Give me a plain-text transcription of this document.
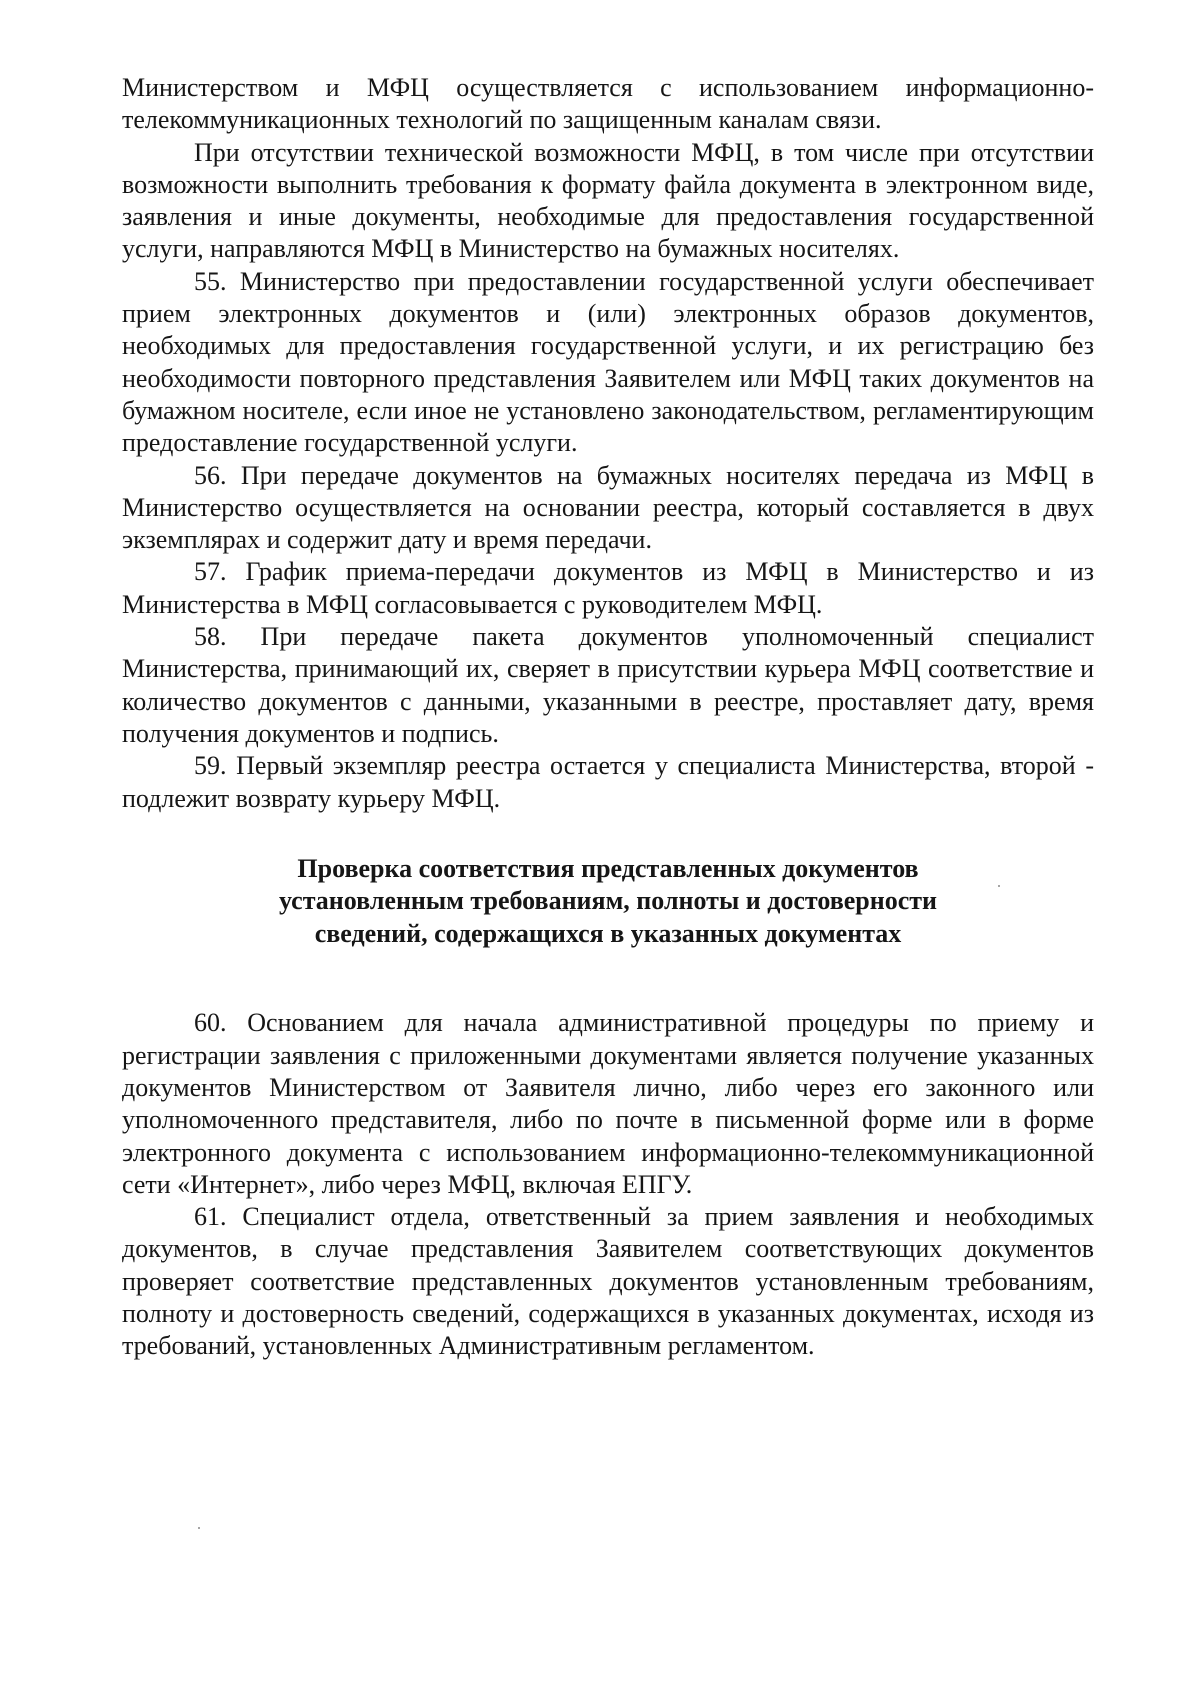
Министерством и МФЦ осуществляется с использованием информационно-телекоммуникационных технологий по защищенным каналам связи.

При отсутствии технической возможности МФЦ, в том числе при отсутствии возможности выполнить требования к формату файла документа в электронном виде, заявления и иные документы, необходимые для предоставления государственной услуги, направляются МФЦ в Министерство на бумажных носителях.

55. Министерство при предоставлении государственной услуги обеспечивает прием электронных документов и (или) электронных образов документов, необходимых для предоставления государственной услуги, и их регистрацию без необходимости повторного представления Заявителем или МФЦ таких документов на бумажном носителе, если иное не установлено законодательством, регламентирующим предоставление государственной услуги.

56. При передаче документов на бумажных носителях передача из МФЦ в Министерство осуществляется на основании реестра, который составляется в двух экземплярах и содержит дату и время передачи.

57. График приема-передачи документов из МФЦ в Министерство и из Министерства в МФЦ согласовывается с руководителем МФЦ.

58. При передаче пакета документов уполномоченный специалист Министерства, принимающий их, сверяет в присутствии курьера МФЦ соответствие и количество документов с данными, указанными в реестре, проставляет дату, время получения документов и подпись.

59. Первый экземпляр реестра остается у специалиста Министерства, второй - подлежит возврату курьеру МФЦ.

Проверка соответствия представленных документов
установленным требованиям, полноты и достоверности
сведений, содержащихся в указанных документах

60. Основанием для начала административной процедуры по приему и регистрации заявления с приложенными документами является получение указанных документов Министерством от Заявителя лично, либо через его законного или уполномоченного представителя, либо по почте в письменной форме или в форме электронного документа с использованием информационно-телекоммуникационной сети «Интернет», либо через МФЦ, включая ЕПГУ.

61. Специалист отдела, ответственный за прием заявления и необходимых документов, в случае представления Заявителем соответствующих документов проверяет соответствие представленных документов установленным требованиям, полноту и достоверность сведений, содержащихся в указанных документах, исходя из требований, установленных Административным регламентом.
